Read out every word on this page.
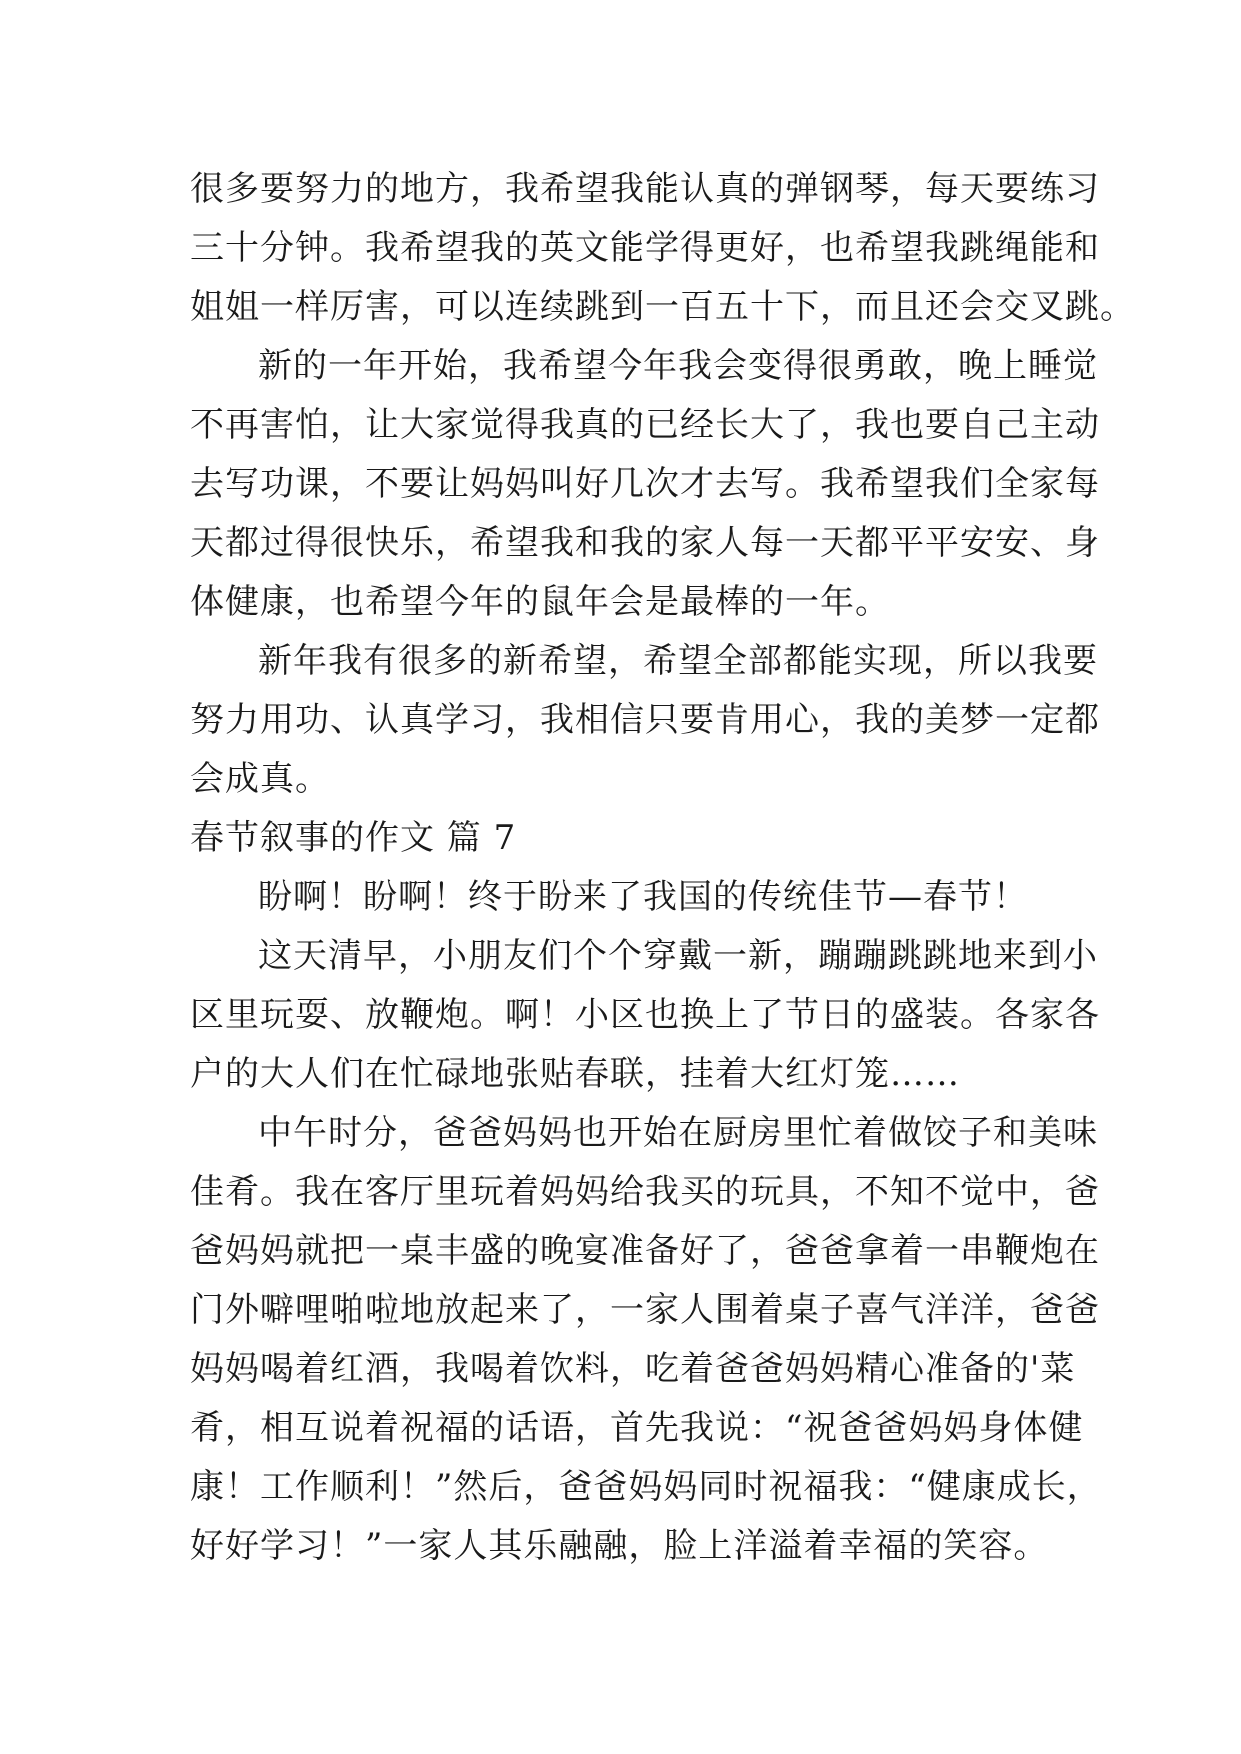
很多要努力的地方，我希望我能认真的弹钢琴，每天要练习
三十分钟。我希望我的英文能学得更好，也希望我跳绳能和
姐姐一样厉害，可以连续跳到一百五十下，而且还会交叉跳。
新的一年开始，我希望今年我会变得很勇敢，晚上睡觉
不再害怕，让大家觉得我真的已经长大了，我也要自己主动
去写功课，不要让妈妈叫好几次才去写。我希望我们全家每
天都过得很快乐，希望我和我的家人每一天都平平安安、身
体健康，也希望今年的鼠年会是最棒的一年。
新年我有很多的新希望，希望全部都能实现，所以我要
努力用功、认真学习，我相信只要肯用心，我的美梦一定都
会成真。
春节叙事的作文 篇 7
盼啊！盼啊！终于盼来了我国的传统佳节—春节！
这天清早，小朋友们个个穿戴一新，蹦蹦跳跳地来到小
区里玩耍、放鞭炮。啊！小区也换上了节日的盛装。各家各
户的大人们在忙碌地张贴春联，挂着大红灯笼……
中午时分，爸爸妈妈也开始在厨房里忙着做饺子和美味
佳肴。我在客厅里玩着妈妈给我买的玩具，不知不觉中，爸
爸妈妈就把一桌丰盛的晚宴准备好了，爸爸拿着一串鞭炮在
门外噼哩啪啦地放起来了，一家人围着桌子喜气洋洋，爸爸
妈妈喝着红酒，我喝着饮料，吃着爸爸妈妈精心准备的'菜
肴，相互说着祝福的话语，首先我说：“祝爸爸妈妈身体健
康！工作顺利！”然后，爸爸妈妈同时祝福我：“健康成长，
好好学习！”一家人其乐融融，脸上洋溢着幸福的笑容。
